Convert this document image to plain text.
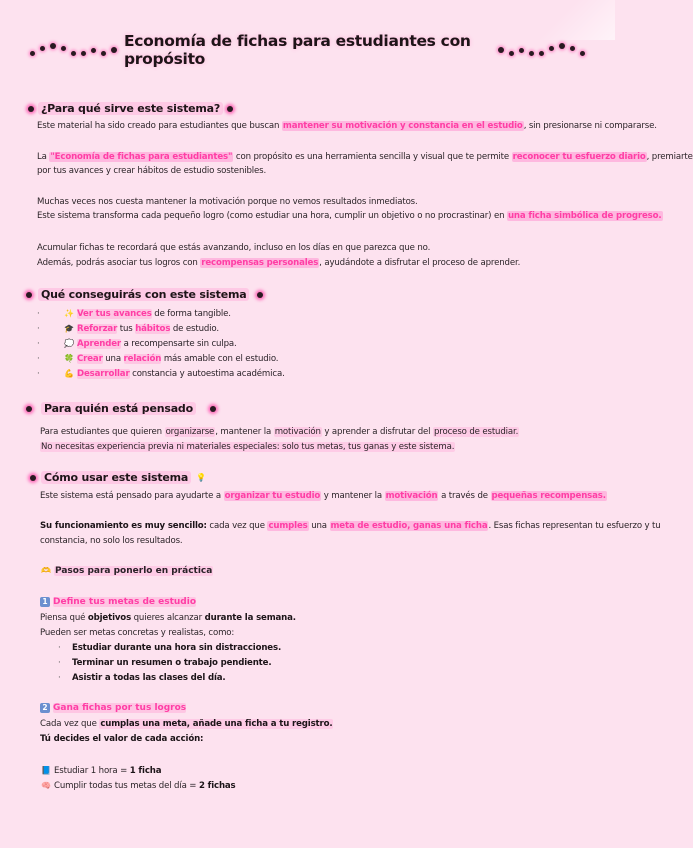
Economía de fichas para estudiantes con propósito
¿Para qué sirve este sistema?
Este material ha sido creado para estudiantes que buscan mantener su motivación y constancia en el estudio, sin presionarse ni compararse.
La "Economía de fichas para estudiantes" con propósito es una herramienta sencilla y visual que te permite reconocer tu esfuerzo diario, premiarte
por tus avances y crear hábitos de estudio sostenibles.
Muchas veces nos cuesta mantener la motivación porque no vemos resultados inmediatos.
Este sistema transforma cada pequeño logro (como estudiar una hora, cumplir un objetivo o no procrastinar) en una ficha simbólica de progreso.
Acumular fichas te recordará que estás avanzando, incluso en los días en que parezca que no.
Además, podrás asociar tus logros con recompensas personales, ayudándote a disfrutar el proceso de aprender.
Qué conseguirás con este sistema
·	✨ Ver tus avances de forma tangible.
·	🎓 Reforzar tus hábitos de estudio.
·	💭 Aprender a recompensarte sin culpa.
·	🍀 Crear una relación más amable con el estudio.
·	💪 Desarrollar constancia y autoestima académica.
Para quién está pensado
Para estudiantes que quieren organizarse, mantener la motivación y aprender a disfrutar del proceso de estudiar.
No necesitas experiencia previa ni materiales especiales: solo tus metas, tus ganas y este sistema.
Cómo usar este sistema	💡
Este sistema está pensado para ayudarte a organizar tu estudio y mantener la motivación a través de pequeñas recompensas.
Su funcionamiento es muy sencillo: cada vez que cumples una meta de estudio, ganas una ficha. Esas fichas representan tu esfuerzo y tu
constancia, no solo los resultados.
🫶 Pasos para ponerlo en práctica
1 Define tus metas de estudio
Piensa qué objetivos quieres alcanzar durante la semana.
Pueden ser metas concretas y realistas, como:
· Estudiar durante una hora sin distracciones.
· Terminar un resumen o trabajo pendiente.
· Asistir a todas las clases del día.
2 Gana fichas por tus logros
Cada vez que cumplas una meta, añade una ficha a tu registro.
Tú decides el valor de cada acción:
📘 Estudiar 1 hora = 1 ficha
🧠 Cumplir todas tus metas del día = 2 fichas
